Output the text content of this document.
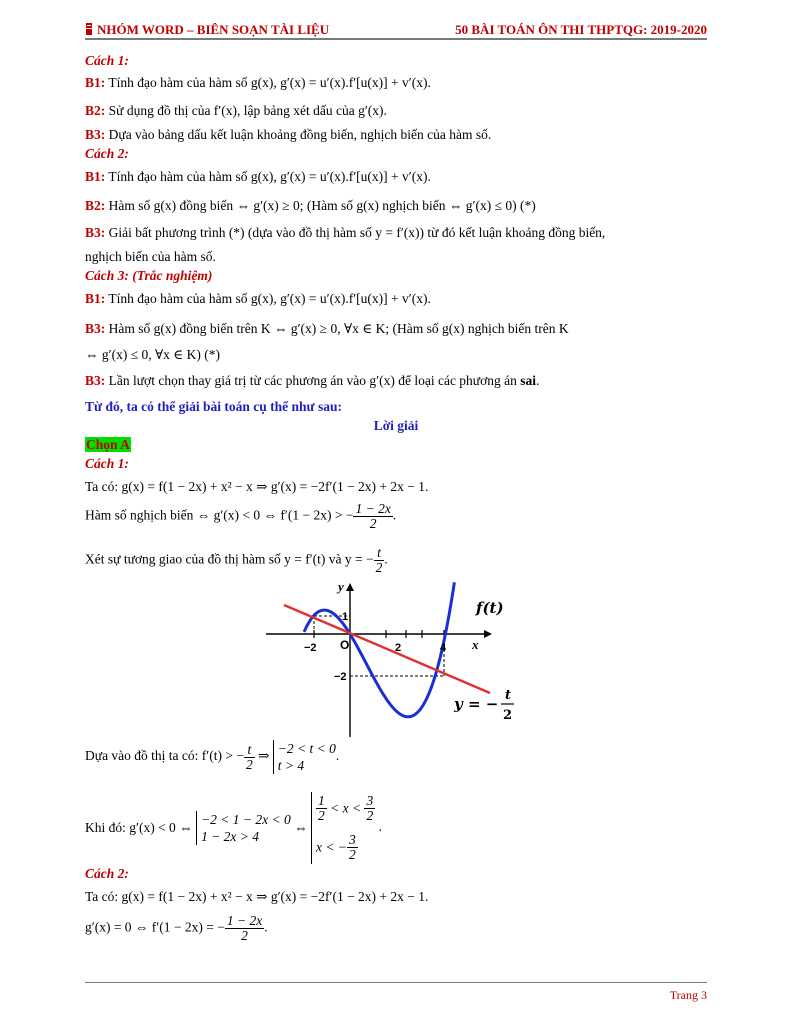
NHÓM WORD – BIÊN SOẠN TÀI LIỆU	50 BÀI TOÁN ÔN THI THPTQG: 2019-2020
Cách 1:
B1: Tính đạo hàm của hàm số g(x), g′(x) = u′(x).f′[u(x)] + v′(x).
B2: Sử dụng đồ thị của f′(x), lập bảng xét dấu của g′(x).
B3: Dựa vào bảng dấu kết luận khoảng đồng biến, nghịch biến của hàm số.
Cách 2:
B1: Tính đạo hàm của hàm số g(x), g′(x) = u′(x).f′[u(x)] + v′(x).
B2: Hàm số g(x) đồng biến ⇔ g′(x) ≥ 0; (Hàm số g(x) nghịch biến ⇔ g′(x) ≤ 0) (*)
B3: Giải bất phương trình (*) (dựa vào đồ thị hàm số y = f′(x)) từ đó kết luận khoảng đồng biến,
nghịch biến của hàm số.
Cách 3: (Trắc nghiệm)
B1: Tính đạo hàm của hàm số g(x), g′(x) = u′(x).f′[u(x)] + v′(x).
B3: Hàm số g(x) đồng biến trên K ⇔ g′(x) ≥ 0, ∀x ∈ K; (Hàm số g(x) nghịch biến trên K
⇔ g′(x) ≤ 0, ∀x ∈ K) (*)
B3: Lần lượt chọn thay giá trị từ các phương án vào g′(x) để loại các phương án sai.
Từ đó, ta có thể giải bài toán cụ thể như sau:
Lời giải
Chọn A
Cách 1:
Ta có: g(x) = f(1 − 2x) + x² − x ⇒ g′(x) = −2f′(1 − 2x) + 2x − 1.
Hàm số nghịch biến ⇔ g′(x) < 0 ⇔ f′(1 − 2x) > − $\frac{1 - 2x}{2}$ .
Xét sự tương giao của đồ thị hàm số y = f′(t) và y = − $\frac{t}{2}$ .
Dựa vào đồ thị ta có: f′(t) > − $\frac{t}{2}$ ⇒ −2 < t < 0
t > 4
.
Khi đó: g′(x) < 0 ⇔
−2 < 1 − 2x < 0
1 − 2x > 4
⇔
$\frac{1}{2} < x < \frac{3}{2}$
x < − $\frac{3}{2}$
.
Cách 2:
Ta có: g(x) = f(1 − 2x) + x² − x ⇒ g′(x) = −2f′(1 − 2x) + 2x − 1.
g′(x) = 0 ⇔ f′(1 − 2x) = − $\frac{1 - 2x}{2}$ .
y
x
O
−2	2	4
1
−2
f(t)
y = − t
2
Trang 3
